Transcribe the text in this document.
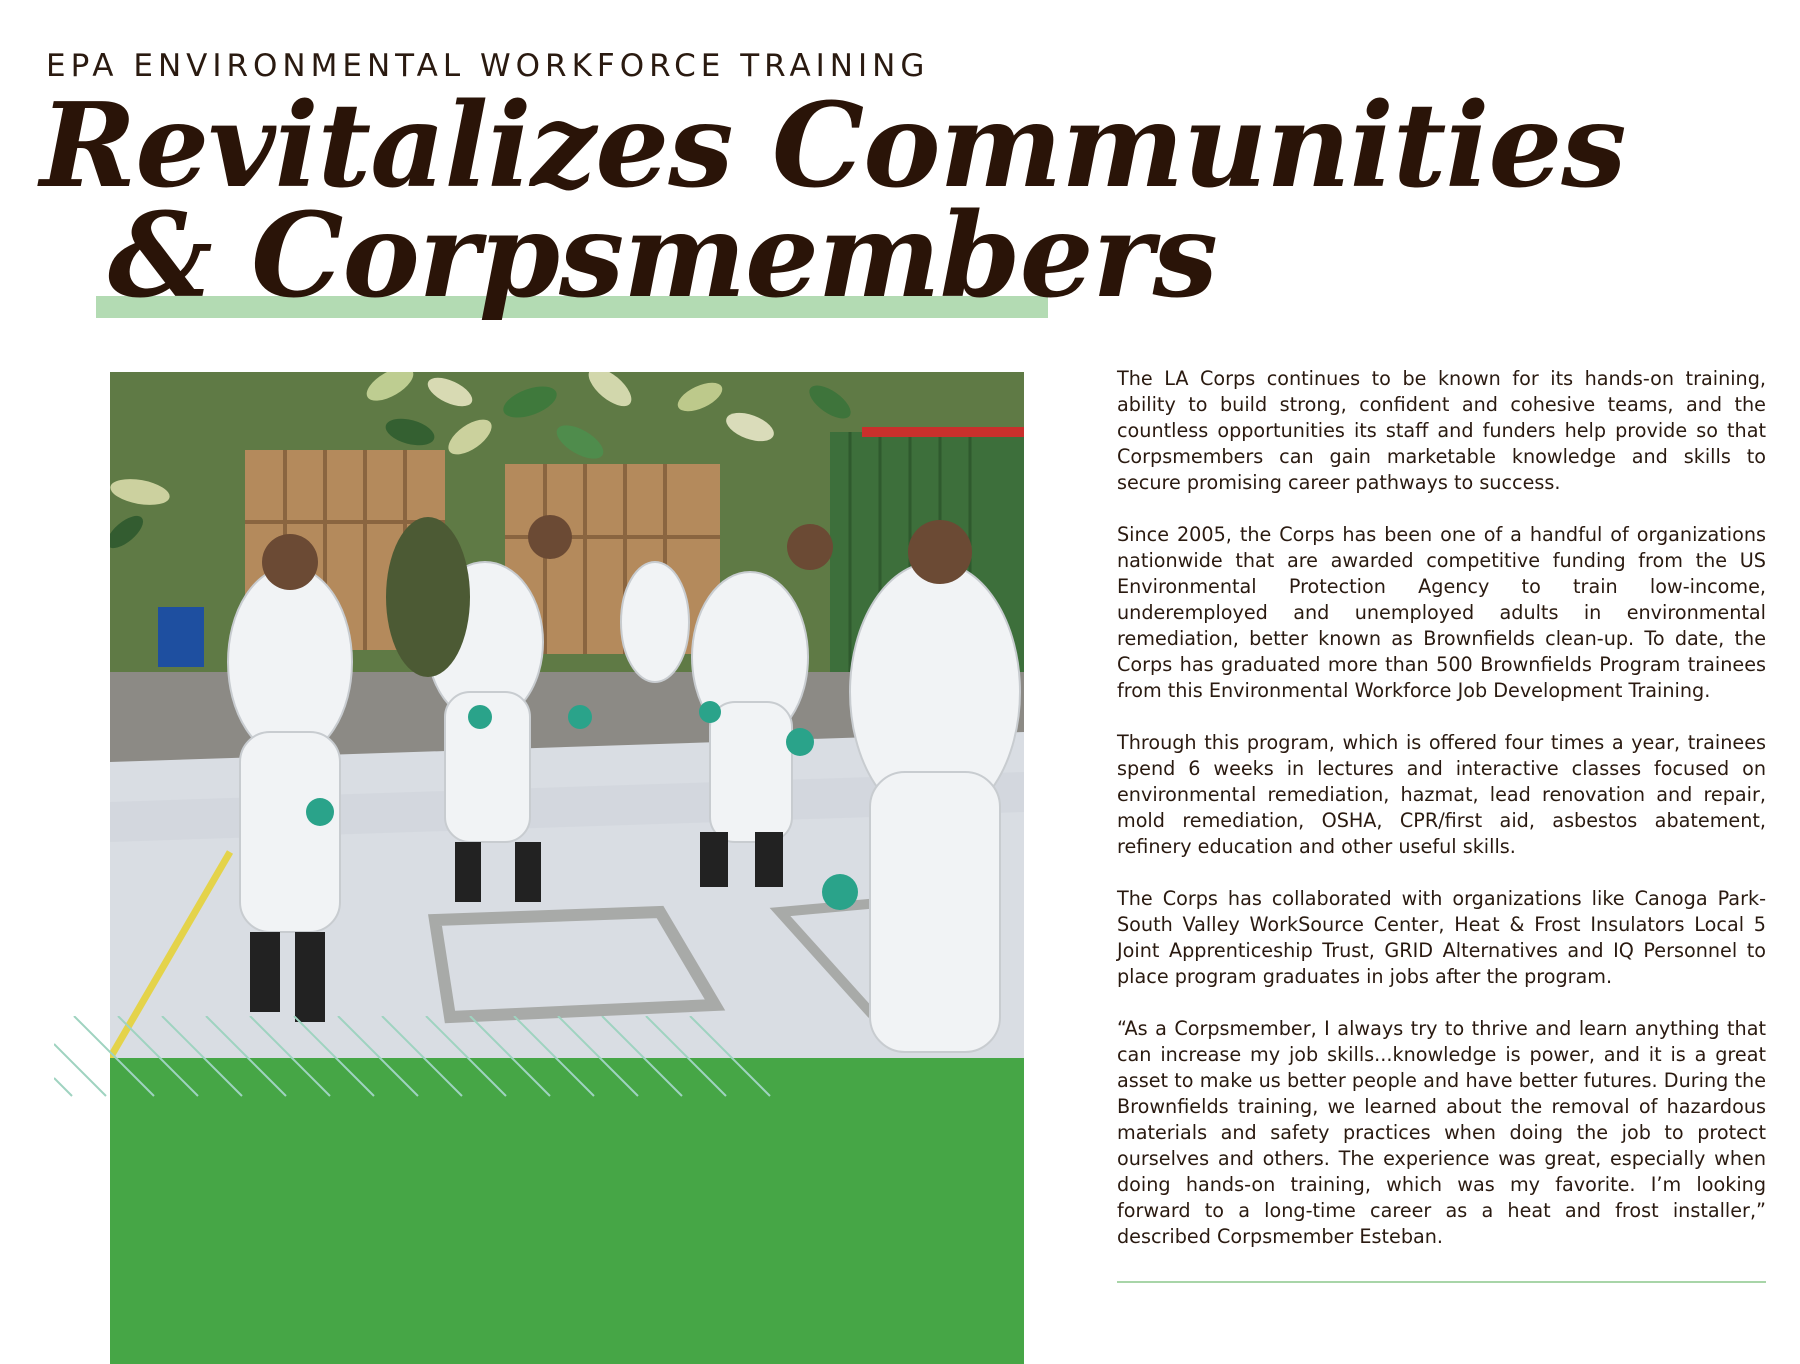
EPA ENVIRONMENTAL WORKFORCE TRAINING
Revitalizes Communities
& Corpsmembers

The LA Corps continues to be known for its hands-on training, ability to build strong, confident and cohesive teams, and the countless opportunities its staff and funders help provide so that Corpsmembers can gain marketable knowledge and skills to secure promising career pathways to success.

Since 2005, the Corps has been one of a handful of organizations nationwide that are awarded competitive funding from the US Environmental Protection Agency to train low-income, underemployed and unemployed adults in environmental remediation, better known as Brownfields clean-up. To date, the Corps has graduated more than 500 Brownfields Program trainees from this Environmental Workforce Job Development Training.

Through this program, which is offered four times a year, trainees spend 6 weeks in lectures and interactive classes focused on environmental remediation, hazmat, lead renovation and repair, mold remediation, OSHA, CPR/first aid, asbestos abatement, refinery education and other useful skills.

The Corps has collaborated with organizations like Canoga Park-South Valley WorkSource Center, Heat & Frost Insulators Local 5 Joint Apprenticeship Trust, GRID Alternatives and IQ Personnel to place program graduates in jobs after the program.

“As a Corpsmember, I always try to thrive and learn anything that can increase my job skills...knowledge is power, and it is a great asset to make us better people and have better futures. During the Brownfields training, we learned about the removal of hazardous materials and safety practices when doing the job to protect ourselves and others. The experience was great, especially when doing hands-on training, which was my favorite. I’m looking forward to a long-time career as a heat and frost installer,” described Corpsmember Esteban.
